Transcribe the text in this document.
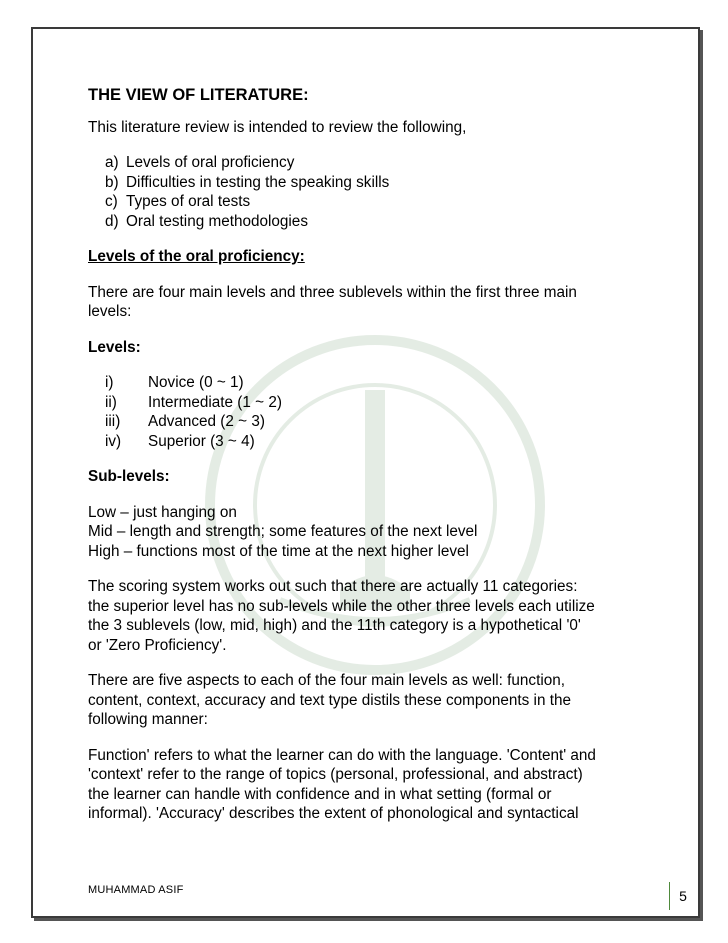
THE VIEW OF LITERATURE:
This literature review is intended to review the following,
a) Levels of oral proficiency
b) Difficulties in testing the speaking skills
c) Types of oral tests
d) Oral testing methodologies
Levels of the oral proficiency:
There are four main levels and three sublevels within the first three main
levels:
Levels:
i)	Novice (0 ~ 1)
ii)	Intermediate (1 ~ 2)
iii)	Advanced (2 ~ 3)
iv)	Superior (3 ~ 4)
Sub-levels:
Low – just hanging on
Mid – length and strength; some features of the next level
High – functions most of the time at the next higher level
The scoring system works out such that there are actually 11 categories:
the superior level has no sub-levels while the other three levels each utilize
the 3 sublevels (low, mid, high) and the 11th category is a hypothetical '0'
or 'Zero Proficiency'.
There are five aspects to each of the four main levels as well: function,
content, context, accuracy and text type distils these components in the
following manner:
Function' refers to what the learner can do with the language. 'Content' and
'context' refer to the range of topics (personal, professional, and abstract)
the learner can handle with confidence and in what setting (formal or
informal). 'Accuracy' describes the extent of phonological and syntactical
MUHAMMAD ASIF	5
